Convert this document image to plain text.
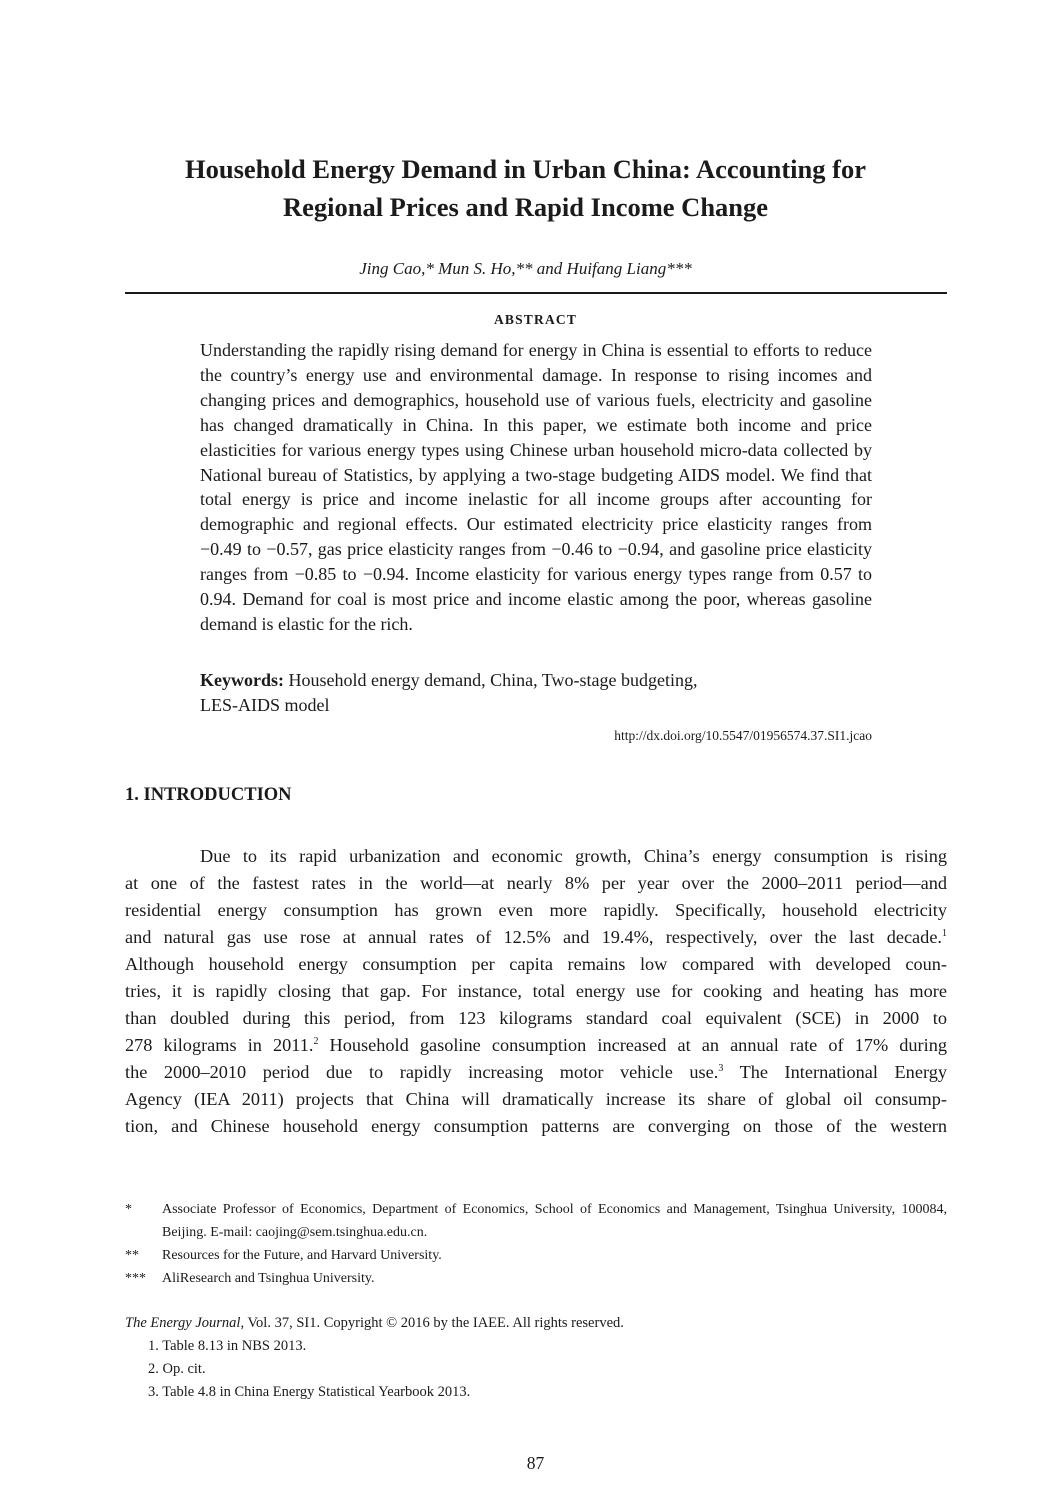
Household Energy Demand in Urban China: Accounting for
Regional Prices and Rapid Income Change
Jing Cao,* Mun S. Ho,** and Huifang Liang***
ABSTRACT
Understanding the rapidly rising demand for energy in China is essential to efforts to reduce the country’s energy use and environmental damage. In response to rising incomes and changing prices and demographics, household use of various fuels, electricity and gasoline has changed dramatically in China. In this paper, we estimate both income and price elasticities for various energy types using Chinese urban household micro-data collected by National bureau of Statistics, by applying a two-stage budgeting AIDS model. We find that total energy is price and income inelastic for all income groups after accounting for demographic and regional effects. Our estimated electricity price elasticity ranges from −0.49 to −0.57, gas price elasticity ranges from −0.46 to −0.94, and gasoline price elasticity ranges from −0.85 to −0.94. Income elasticity for various energy types range from 0.57 to 0.94. Demand for coal is most price and income elastic among the poor, whereas gasoline demand is elastic for the rich.
Keywords: Household energy demand, China, Two-stage budgeting,
LES-AIDS model
http://dx.doi.org/10.5547/01956574.37.SI1.jcao
1. INTRODUCTION
Due to its rapid urbanization and economic growth, China’s energy consumption is rising
at one of the fastest rates in the world—at nearly 8% per year over the 2000–2011 period—and
residential energy consumption has grown even more rapidly. Specifically, household electricity
and natural gas use rose at annual rates of 12.5% and 19.4%, respectively, over the last decade.$^1$
Although household energy consumption per capita remains low compared with developed coun-
tries, it is rapidly closing that gap. For instance, total energy use for cooking and heating has more
than doubled during this period, from 123 kilograms standard coal equivalent (SCE) in 2000 to
278 kilograms in 2011.$^2$ Household gasoline consumption increased at an annual rate of 17% during
the 2000–2010 period due to rapidly increasing motor vehicle use.$^3$ The International Energy
Agency (IEA 2011) projects that China will dramatically increase its share of global oil consump-
tion, and Chinese household energy consumption patterns are converging on those of the western
* Associate Professor of Economics, Department of Economics, School of Economics and Management, Tsinghua University, 100084, Beijing. E-mail: caojing@sem.tsinghua.edu.cn.
** Resources for the Future, and Harvard University.
*** AliResearch and Tsinghua University.
The Energy Journal, Vol. 37, SI1. Copyright © 2016 by the IAEE. All rights reserved.
1. Table 8.13 in NBS 2013.
2. Op. cit.
3. Table 4.8 in China Energy Statistical Yearbook 2013.
87
